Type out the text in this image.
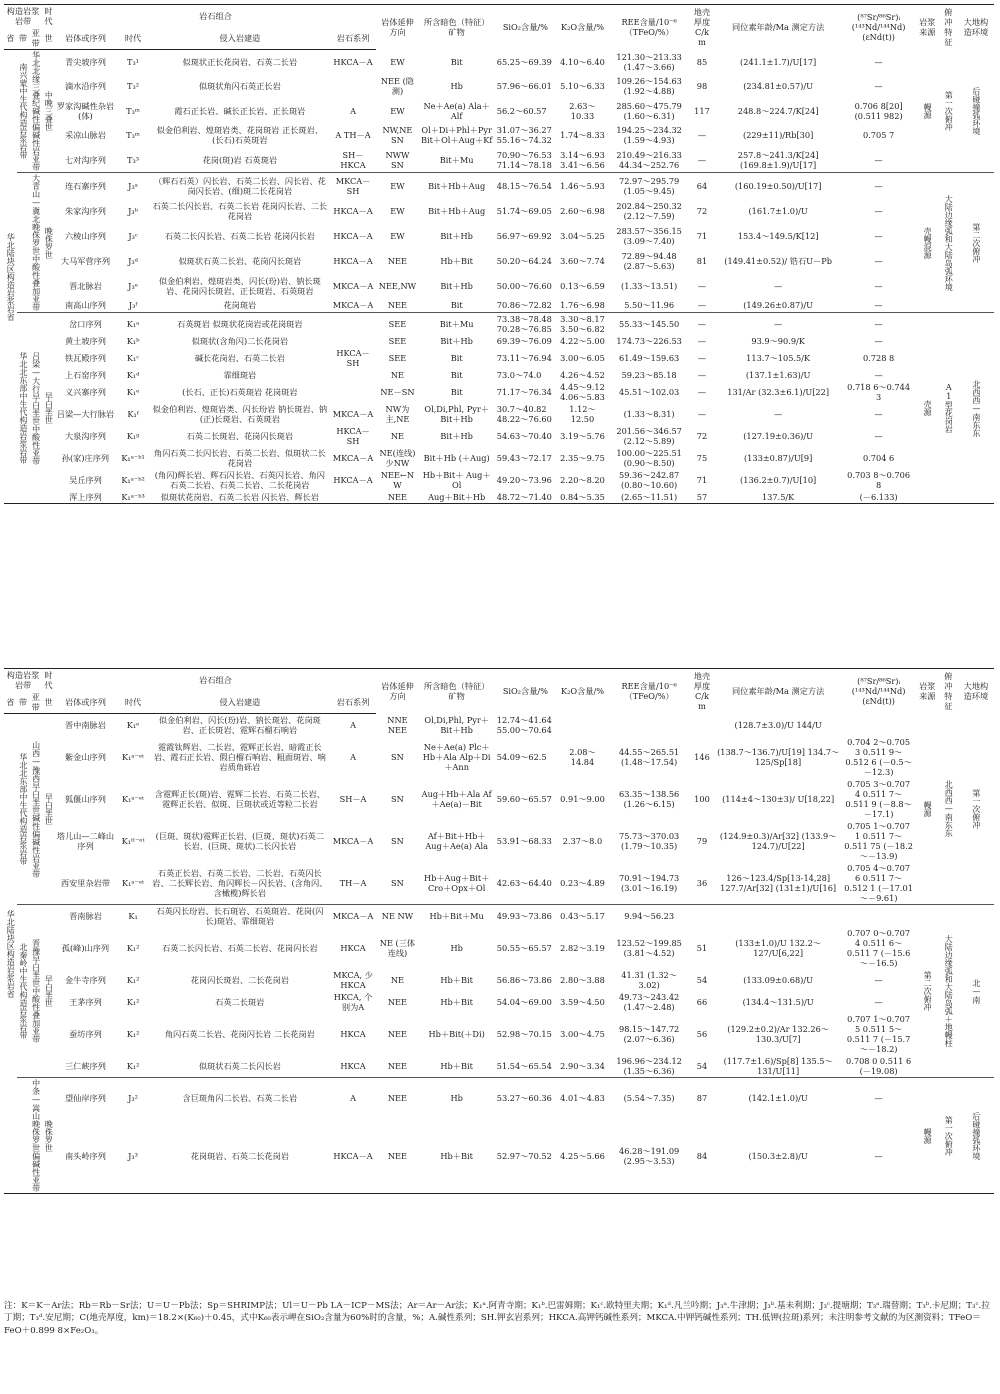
构造岩浆岩带			时代	岩石组合				岩体延伸方向	所含暗色（特征）矿物	SiO₂含量/%	K₂O含量/%	REE含量/10⁻⁶（TFeO/%）	地壳厚度C/km	同位素年龄/Ma 测定方法	(⁸⁷Sr/⁸⁶Sr)ᵢ (¹⁴³Nd/¹⁴⁴Nd) (εNd(t))	岩浆来源	俯冲特征	大地构造环境
省	带	亚带	世	岩体或序列	时代	侵入岩建造	岩石系列											
华北陆块区构造岩浆岩省	南兴蒙中生代构造岩浆岩带	华北北缘三叠纪碱性偏碱性岩亚带	中晚三叠世	青尖坡序列	T₃¹	似斑状正长花岗岩、石英二长岩	HKCA－A	EW	Bit	65.25～69.39	4.10～6.40	121.30～213.33 (1.47～3.66)	85	(241.1±1.7)/U[17]	—	幔源	第一次俯冲	后碰撞弧环境
				滴水沿序列	T₃²	似斑状角闪石英正长岩		NEE (隐测)	Hb	57.96～66.01	5.10～6.33	109.26～154.63 (1.92～4.88)	98	(234.81±0.57)/U	—			
				罗家沟碱性杂岩(体)	T₃ᵐ	霞石正长岩、碱长正长岩、正长斑岩	A	EW	Ne＋Ae(a) Ala＋Alf	56.2～60.57	2.63～10.33	285.60～475.79 (1.60～6.31)	117	248.8～224.7/K[24]	0.706 8[20] (0.511 982)			
				采凉山脉岩	T₃ᵐ	似金伯利岩、煌斑岩类、花岗斑岩 正长斑岩、(长石)石英斑岩	A TH－A	NW,NE SN	Ol＋Di＋Phl＋Pyr Bit＋Ol＋Aug＋Kf	31.07～36.27 55.16～74.32	1.74～8.33	194.25～234.32 (1.59～4.93)	—	(229±11)/Rb[30]	0.705 7			
				七对沟序列	T₃³	花岗(斑)岩 石英斑岩	SH－HKCA	NWW SN	Bit＋Mu	70.90～76.53 71.14～78.18	3.14～6.93 3.41～6.56	210.49～216.33 44.34～252.76	—	257.8～241.3/K[24] (169.8±1.9)/U[17]	—			
		大青山—冀北晚侏罗世中酸性叠加亚带	晚侏罗世	连石寨序列	J₃ᵃ	（辉石石英）闪长岩、石英二长岩、闪长岩、花岗闪长岩、(细)斑二长花岗岩	MKCA－SH	EW	Bit＋Hb＋Aug	48.15～76.54	1.46～5.93	72.97～295.79 (1.05～9.45)	64	(160.19±0.50)/U[17]	—	壳幔混源	大陆边缘弧和大陆岛弧环境	第二次俯冲
				朱家沟序列	J₃ᵇ	石英二长闪长岩、石英二长岩 花岗闪长岩、二长花岗岩	HKCA－A	EW	Bit＋Hb＋Aug	51.74～69.05	2.60～6.98	202.84～250.32 (2.12～7.59)	72	(161.7±1.0)/U	—			
				六棱山序列	J₃ᶜ	石英二长闪长岩、石英二长岩 花岗闪长岩	HKCA－A	EW	Bit＋Hb	56.97～69.92	3.04～5.25	283.57～356.15 (3.09～7.40)	71	153.4～149.5/K[12]	—			
				大马军营序列	J₃ᵈ	似斑状石英二长岩、花岗闪长斑岩	HKCA－A	NEE	Hb＋Bit	50.20～64.24	3.60～7.74	72.89～94.48 (2.87～5.63)	81	(149.41±0.52)/ 锆石U－Pb	—			
				晋北脉岩	J₃ᵉ	似金伯利岩、煌斑岩类、闪长(玢)岩、钠长斑岩、花岗闪长斑岩、正长斑岩、石英斑岩	MKCA－A	NEE,NW	Bit＋Hb	50.00～76.60	0.13～6.59	(1.33～13.51)	—	—	—			
				南高山序列	J₃ᶠ	花岗斑岩	MKCA－A	NEE	Bit	70.86～72.82	1.76～6.98	5.50～11.96	—	(149.26±0.87)/U	—			
	华北北东部中生代构造岩浆岩带	吕梁—大行早白垩世中酸性亚带	早白垩世	岔口序列	K₁ᵃ	石英斑岩 似斑状花岗岩或花岗斑岩		SEE	Bit＋Mu	73.38～78.48 70.28～76.85	3.30～8.17 3.50～6.82	55.33～145.50	—	—	—	壳源	A1型花岗岩	北西西—南东东
				黄土坡序列	K₁ᵇ	似斑状(含角闪)二长花岗岩		SEE	Bit＋Hb	69.39～76.09	4.22～5.00	174.73～226.53	—	93.9～90.9/K	—			
				铁瓦殿序列	K₁ᶜ	碱长花岗岩、石英二长岩	HKCA－SH	SEE	Bit	73.11～76.94	3.00～6.05	61.49～159.63	—	113.7～105.5/K	0.728 8			
				上石窑序列	K₁ᵈ	霏细斑岩		NE	Bit	73.0～74.0	4.26～4.52	59.23～85.18	—	(137.1±1.63)/U	—			
				义兴寨序列	K₁ᵉ	(长石、正长)石英斑岩 花岗斑岩		NE－SN	Bit	71.17～76.34	4.45～9.12 4.06～5.83	45.51～102.03	—	131/Ar (32.3±6.1)/U[22]	0.718 6～0.744 3			
				吕梁—大行脉岩	K₁ᶠ	似金伯利岩、煌斑岩类、闪长玢岩 钠长斑岩、钠(正)长斑岩、石英斑岩	MKCA－A	NW为主,NE	Ol,Di,Phl, Pyr＋Bit＋Hb	30.7～40.82 48.22～76.60	1.12～12.50	(1.33～8.31)	—	—	—			
				大泉沟序列	K₁ᵍ	石英二长斑岩、花岗闪长斑岩	HKCA－SH	NE	Bit＋Hb	54.63～70.40	3.19～5.76	201.56～346.57 (2.12～5.89)	72	(127.19±0.36)/U	—			
				孙(家)庄序列	K₁ᵃ⁻ᵇ¹	角闪石英二长闪长岩、石英二长岩、似斑状二长花岗岩	MKCA－A	NE(连线) 少NW	Bit＋Hb (＋Aug)	59.43～72.17	2.35～9.75	100.00～225.51 (0.90～8.50)	75	(133±0.87)/U[9]	0.704 6			
				吴丘序列	K₁ᵃ⁻ᵇ²	(角闪)辉长岩、辉石闪长岩、石英闪长岩、角闪石英二长岩、石英二长岩、二长花岗岩	HKCA－A	NEE←NW	Hb＋Bit＋ Aug＋Ol	49.20～73.96	2.20～8.20	59.36～242.87 (0.80～10.60)	71	(136.2±0.7)/U[10]	0.703 8～0.706 8			
				浑上序列	K₁ᵃ⁻ᵇ³	似斑状花岗岩、石英二长岩 闪长岩、辉长岩		NEE	Aug＋Bit＋Hb	48.72～71.40	0.84～5.35	(2.65～11.51)	57	137.5/K	(－6.133)			
构造岩浆岩带			时代	岩石组合				岩体延伸方向	所含暗色（特征）矿物	SiO₂含量/%	K₂O含量/%	REE含量/10⁻⁶（TFeO/%）	地壳厚度C/km	同位素年龄/Ma 测定方法	(⁸⁷Sr/⁸⁶Sr)ᵢ (¹⁴³Nd/¹⁴⁴Nd) (εNd(t))	岩浆来源	俯冲特征	大地构造环境
省	带	亚带	世	岩体或序列	时代	侵入岩建造	岩石系列											
华北陆块区构造岩浆岩省	华北北东部中生代构造岩浆岩带	山西—豫西早白垩世碱性偏碱性岩亚带	早白垩世	晋中南脉岩	K₁ᵉ	似金伯利岩、闪长(玢)岩、钠长斑岩、花岗斑岩、正长斑岩、霓辉石榴石响岩	A	NNE NEE	Ol,Di,Phl, Pyr＋Bit＋Hb	12.74～41.64 55.00～70.64				(128.7±3.0)/U 144/U		幔源	北西西—南东东	第一次俯冲
				紫金山序列	K₁ᵃ⁻ᵉᵗ	霓霞钛辉岩、二长岩、霓辉正长岩、暗霞正长岩、霞石正长岩、假白榴石响岩、粗面斑岩、响岩质角砾岩	A	SN	Ne＋Ae(a) Plc＋Hb＋Ala Alp＋Di＋Ann	54.09～62.5	2.08～14.84	44.55～265.51 (1.48～17.54)	146	(138.7～136.7)/U[19] 134.7～125/Sp[18]	0.704 2～0.705 3 0.511 9～0.512 6 (－0.5～－12.3)			
				狐偃山序列	K₁ᵃ⁻ᵉᵗ	含霓辉正长(斑)岩、霓辉二长岩、石英二长岩、霓辉正长岩、似斑、巨斑状或近等粒二长岩	SH－A	SN	Aug＋Hb＋Ala Af＋Ae(a)－Bit	59.60～65.57	0.91～9.00	63.35～138.56 (1.26～6.15)	100	(114±4～130±3)/ U[18,22]	0.705 3～0.707 4 0.511 7～0.511 9 (－8.8～－17.1)			
				塔儿山—二峰山序列	K₁ᵗˡ⁻ᵉᵗ	(巨斑、斑状)霓辉正长岩、(巨斑、斑状)石英二长岩、(巨斑、斑状)二长闪长岩	MKCA－A	SN	Af＋Bit＋Hb＋ Aug＋Ae(a) Ala	53.91～68.33	2.37～8.0	75.73～370.03 (1.79～10.35)	79	(124.9±0.3)/Ar[32] (133.9～124.7)/U[22]	0.705 1～0.707 1 0.511 7～0.511 75 (－18.2～－13.9)			
				西安里杂岩带	K₁ᵃ⁻ᵉᵗ	石英正长岩、石英二长岩、二长岩、石英闪长岩、二长辉长岩、角闪辉长－闪长岩、(含角闪、含橄榄)辉长岩	TH－A	SN	Hb＋Aug＋Bit＋ Cro＋Opx＋Ol	42.63～64.40	0.23～4.89	70.91～194.73 (3.01～16.19)	36	126～123.4/Sp[13-14,28] 127.7/Ar[32] (131±1)/U[16]	0.705 4～0.707 6 0.511 7～0.512 1 (－17.01～－9.61)			
	北秦岭中生代构造岩浆岩带	晋豫早白垩世中酸性叠加亚带	早白垩世	晋南脉岩	K₁	石英闪长玢岩、长石斑岩、石英斑岩、花岗(闪长)斑岩、霏细斑岩	MKCA－A	NE NW	Hb＋Bit＋Mu	49.93～73.86	0.43～5.17	9.94～56.23				第二次俯冲	大陆边缘弧和大陆岛弧＋地幔柱	北—南
				孤(峰)山序列	K₁²	石英二长闪长岩、石英二长岩、花岗闪长岩	HKCA	NE (三体连线)	Hb	50.55～65.57	2.82～3.19	123.52～199.85 (3.81～4.52)	51	(133±1.0)/U 132.2～127/U[6,22]	0.707 0～0.707 4 0.511 6～0.511 7 (－15.6～－16.5)			
				金牛寺序列	K₁²	花岗闪长斑岩、二长花岗岩	MKCA, 少HKCA	NE	Hb＋Bit	56.86～73.86	2.80～3.88	41.31 (1.32～3.02)	54	(133.09±0.68)/U	—			
				王茅序列	K₁²	石英二长斑岩	HKCA, 个别为A	NEE	Hb＋Bit	54.04～69.00	3.59～4.50	49.73～243.42 (1.47～2.48)	66	(134.4～131.5)/U	—			
				蚕坊序列	K₁²	角闪石英二长岩、花岗闪长岩 二长花岗岩	HKCA	NEE	Hb＋Bit(＋Di)	52.98～70.15	3.00～4.75	98.15～147.72 (2.07～6.36)	56	(129.2±0.2)/Ar 132.26～130.3/U[7]	0.707 1～0.707 5 0.511 5～0.511 7 (－15.7～－18.2)			
				三仁峡序列	K₁²	似斑状石英二长闪长岩	HKCA	NEE	Hb＋Bit	51.54～65.54	2.90～3.34	196.96～234.12 (1.35～6.36)	54	(117.7±1.6)/Sp[8] 135.5～131/U[11]	0.708 0 0.511 6 (－19.08)			
		中条—嵩山晚侏罗世偏碱性亚带	晚侏罗世	望仙岸序列	J₃²	含巨斑角闪二长岩、石英二长岩	A	NEE	Hb	53.27～60.36	4.01～4.83	(5.54～7.35)	87	(142.1±1.0)/U	—	幔源	第一次俯冲	后碰撞弧环境
				南头岭序列	J₃³	花岗斑岩、石英二长花岗岩	HKCA－A	NEE	Hb＋Bit	52.97～70.52	4.25～5.66	46.28～191.09 (2.95～3.53)	84	(150.3±2.8)/U	—			
注：K＝K－Ar法；Rb＝Rb－Sr法；U＝U－Pb法；Sp＝SHRIMP法；Ul＝U－Pb LA－ICP－MS法；Ar＝Ar－Ar法；K₁ᵃ.阿青寺期；K₁ᵇ.巴雷姆期；K₁ᶜ.欧特里夫期；K₁ᵈ.凡兰吟期；J₃ᵃ.牛津期；J₃ᵇ.基未利期；J₃ᶜ.提塘期；T₃ᵃ.瑞替期；T₃ᵇ.卡尼期；T₃ᶜ.拉丁期；T₃ᵈ.安尼期；C(地壳厚度，km)＝18.2×(K₆₀)＋0.45，式中K₆₀表示岬在SiO₂含量为60%时的含量，%；A.碱性系列；SH.钾玄岩系列；HKCA.高钾钙碱性系列；MKCA.中钾钙碱性系列；TH.低钾(拉斑)系列；未注明参考文献的为区测资料；TFeO＝FeO＋0.899 8×Fe₂O₃。
